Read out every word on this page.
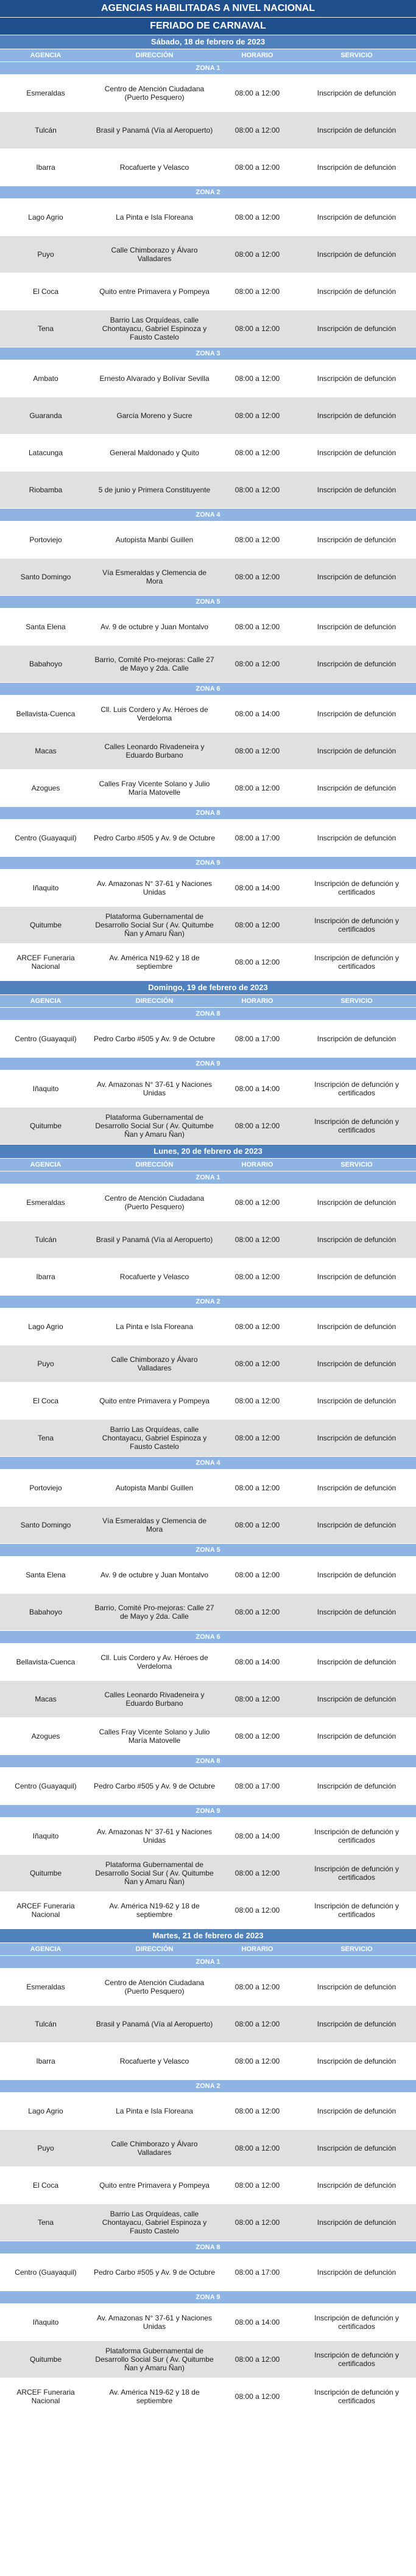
AGENCIAS HABILITADAS A NIVEL NACIONAL			
FERIADO DE CARNAVAL			
Sábado, 18 de febrero de 2023			
AGENCIA	DIRECCIÓN	HORARIO	SERVICIO
ZONA 1			
Esmeraldas	Centro de Atención Ciudadana (Puerto Pesquero)	08:00 a 12:00	Inscripción de defunción
Tulcán	Brasil y Panamá (Vía al Aeropuerto)	08:00 a 12:00	Inscripción de defunción
Ibarra	Rocafuerte y Velasco	08:00 a 12:00	Inscripción de defunción
ZONA 2			
Lago Agrio	La Pinta e Isla Floreana	08:00 a 12:00	Inscripción de defunción
Puyo	Calle Chimborazo y Álvaro Valladares	08:00 a 12:00	Inscripción de defunción
El Coca	Quito entre Primavera y Pompeya	08:00 a 12:00	Inscripción de defunción
Tena	Barrio Las Orquídeas, calle Chontayacu, Gabriel Espinoza y Fausto Castelo	08:00 a 12:00	Inscripción de defunción
ZONA 3			
Ambato	Ernesto Alvarado y Bolívar Sevilla	08:00 a 12:00	Inscripción de defunción
Guaranda	García Moreno y Sucre	08:00 a 12:00	Inscripción de defunción
Latacunga	General Maldonado y Quito	08:00 a 12:00	Inscripción de defunción
Riobamba	5 de junio y Primera Constituyente	08:00 a 12:00	Inscripción de defunción
ZONA 4			
Portoviejo	Autopista Manbí Guillen	08:00 a 12:00	Inscripción de defunción
Santo Domingo	Vía Esmeraldas y Clemencia de Mora	08:00 a 12:00	Inscripción de defunción
ZONA 5			
Santa Elena	Av. 9 de octubre y Juan Montalvo	08:00 a 12:00	Inscripción de defunción
Babahoyo	Barrio, Comité Pro-mejoras: Calle 27 de Mayo y 2da. Calle	08:00 a 12:00	Inscripción de defunción
ZONA 6			
Bellavista-Cuenca	Cll. Luis Cordero y Av. Héroes de Verdeloma	08:00 a 14:00	Inscripción de defunción
Macas	Calles Leonardo Rivadeneira y Eduardo Burbano	08:00 a 12:00	Inscripción de defunción
Azogues	Calles Fray Vicente Solano y Julio María Matovelle	08:00 a 12:00	Inscripción de defunción
ZONA 8			
Centro (Guayaquil)	Pedro Carbo #505 y Av. 9 de Octubre	08:00 a 17:00	Inscripción de defunción
ZONA 9			
Iñaquito	Av. Amazonas N° 37-61 y Naciones Unidas	08:00 a 14:00	Inscripción de defunción y certificados
Quitumbe	Plataforma Gubernamental de Desarrollo Social Sur ( Av. Quitumbe Ñan y Amaru Ñan)	08:00 a 12:00	Inscripción de defunción y certificados
ARCEF Funeraria Nacional	Av. América N19-62 y 18 de septiembre	08:00 a 12:00	Inscripción de defunción y certificados
Domingo, 19 de febrero de 2023			
AGENCIA	DIRECCIÓN	HORARIO	SERVICIO
ZONA 8			
Centro (Guayaquil)	Pedro Carbo #505 y Av. 9 de Octubre	08:00 a 17:00	Inscripción de defunción
ZONA 9			
Iñaquito	Av. Amazonas N° 37-61 y Naciones Unidas	08:00 a 14:00	Inscripción de defunción y certificados
Quitumbe	Plataforma Gubernamental de Desarrollo Social Sur ( Av. Quitumbe Ñan y Amaru Ñan)	08:00 a 12:00	Inscripción de defunción y certificados
Lunes, 20 de febrero de 2023			
AGENCIA	DIRECCIÓN	HORARIO	SERVICIO
ZONA 1			
Esmeraldas	Centro de Atención Ciudadana (Puerto Pesquero)	08:00 a 12:00	Inscripción de defunción
Tulcán	Brasil y Panamá (Vía al Aeropuerto)	08:00 a 12:00	Inscripción de defunción
Ibarra	Rocafuerte y Velasco	08:00 a 12:00	Inscripción de defunción
ZONA 2			
Lago Agrio	La Pinta e Isla Floreana	08:00 a 12:00	Inscripción de defunción
Puyo	Calle Chimborazo y Álvaro Valladares	08:00 a 12:00	Inscripción de defunción
El Coca	Quito entre Primavera y Pompeya	08:00 a 12:00	Inscripción de defunción
Tena	Barrio Las Orquídeas, calle Chontayacu, Gabriel Espinoza y Fausto Castelo	08:00 a 12:00	Inscripción de defunción
ZONA 4			
Portoviejo	Autopista Manbí Guillen	08:00 a 12:00	Inscripción de defunción
Santo Domingo	Vía Esmeraldas y Clemencia de Mora	08:00 a 12:00	Inscripción de defunción
ZONA 5			
Santa Elena	Av. 9 de octubre y Juan Montalvo	08:00 a 12:00	Inscripción de defunción
Babahoyo	Barrio, Comité Pro-mejoras: Calle 27 de Mayo y 2da. Calle	08:00 a 12:00	Inscripción de defunción
ZONA 6			
Bellavista-Cuenca	Cll. Luis Cordero y Av. Héroes de Verdeloma	08:00 a 14:00	Inscripción de defunción
Macas	Calles Leonardo Rivadeneira y Eduardo Burbano	08:00 a 12:00	Inscripción de defunción
Azogues	Calles Fray Vicente Solano y Julio María Matovelle	08:00 a 12:00	Inscripción de defunción
ZONA 8			
Centro (Guayaquil)	Pedro Carbo #505 y Av. 9 de Octubre	08:00 a 17:00	Inscripción de defunción
ZONA 9			
Iñaquito	Av. Amazonas N° 37-61 y Naciones Unidas	08:00 a 14:00	Inscripción de defunción y certificados
Quitumbe	Plataforma Gubernamental de Desarrollo Social Sur ( Av. Quitumbe Ñan y Amaru Ñan)	08:00 a 12:00	Inscripción de defunción y certificados
ARCEF Funeraria Nacional	Av. América N19-62 y 18 de septiembre	08:00 a 12:00	Inscripción de defunción y certificados
Martes, 21 de febrero de 2023			
AGENCIA	DIRECCIÓN	HORARIO	SERVICIO
ZONA 1			
Esmeraldas	Centro de Atención Ciudadana (Puerto Pesquero)	08:00 a 12:00	Inscripción de defunción
Tulcán	Brasil y Panamá (Vía al Aeropuerto)	08:00 a 12:00	Inscripción de defunción
Ibarra	Rocafuerte y Velasco	08:00 a 12:00	Inscripción de defunción
ZONA 2			
Lago Agrio	La Pinta e Isla Floreana	08:00 a 12:00	Inscripción de defunción
Puyo	Calle Chimborazo y Álvaro Valladares	08:00 a 12:00	Inscripción de defunción
El Coca	Quito entre Primavera y Pompeya	08:00 a 12:00	Inscripción de defunción
Tena	Barrio Las Orquídeas, calle Chontayacu, Gabriel Espinoza y Fausto Castelo	08:00 a 12:00	Inscripción de defunción
ZONA 8			
Centro (Guayaquil)	Pedro Carbo #505 y Av. 9 de Octubre	08:00 a 17:00	Inscripción de defunción
ZONA 9			
Iñaquito	Av. Amazonas N° 37-61 y Naciones Unidas	08:00 a 14:00	Inscripción de defunción y certificados
Quitumbe	Plataforma Gubernamental de Desarrollo Social Sur ( Av. Quitumbe Ñan y Amaru Ñan)	08:00 a 12:00	Inscripción de defunción y certificados
ARCEF Funeraria Nacional	Av. América N19-62 y 18 de septiembre	08:00 a 12:00	Inscripción de defunción y certificados
